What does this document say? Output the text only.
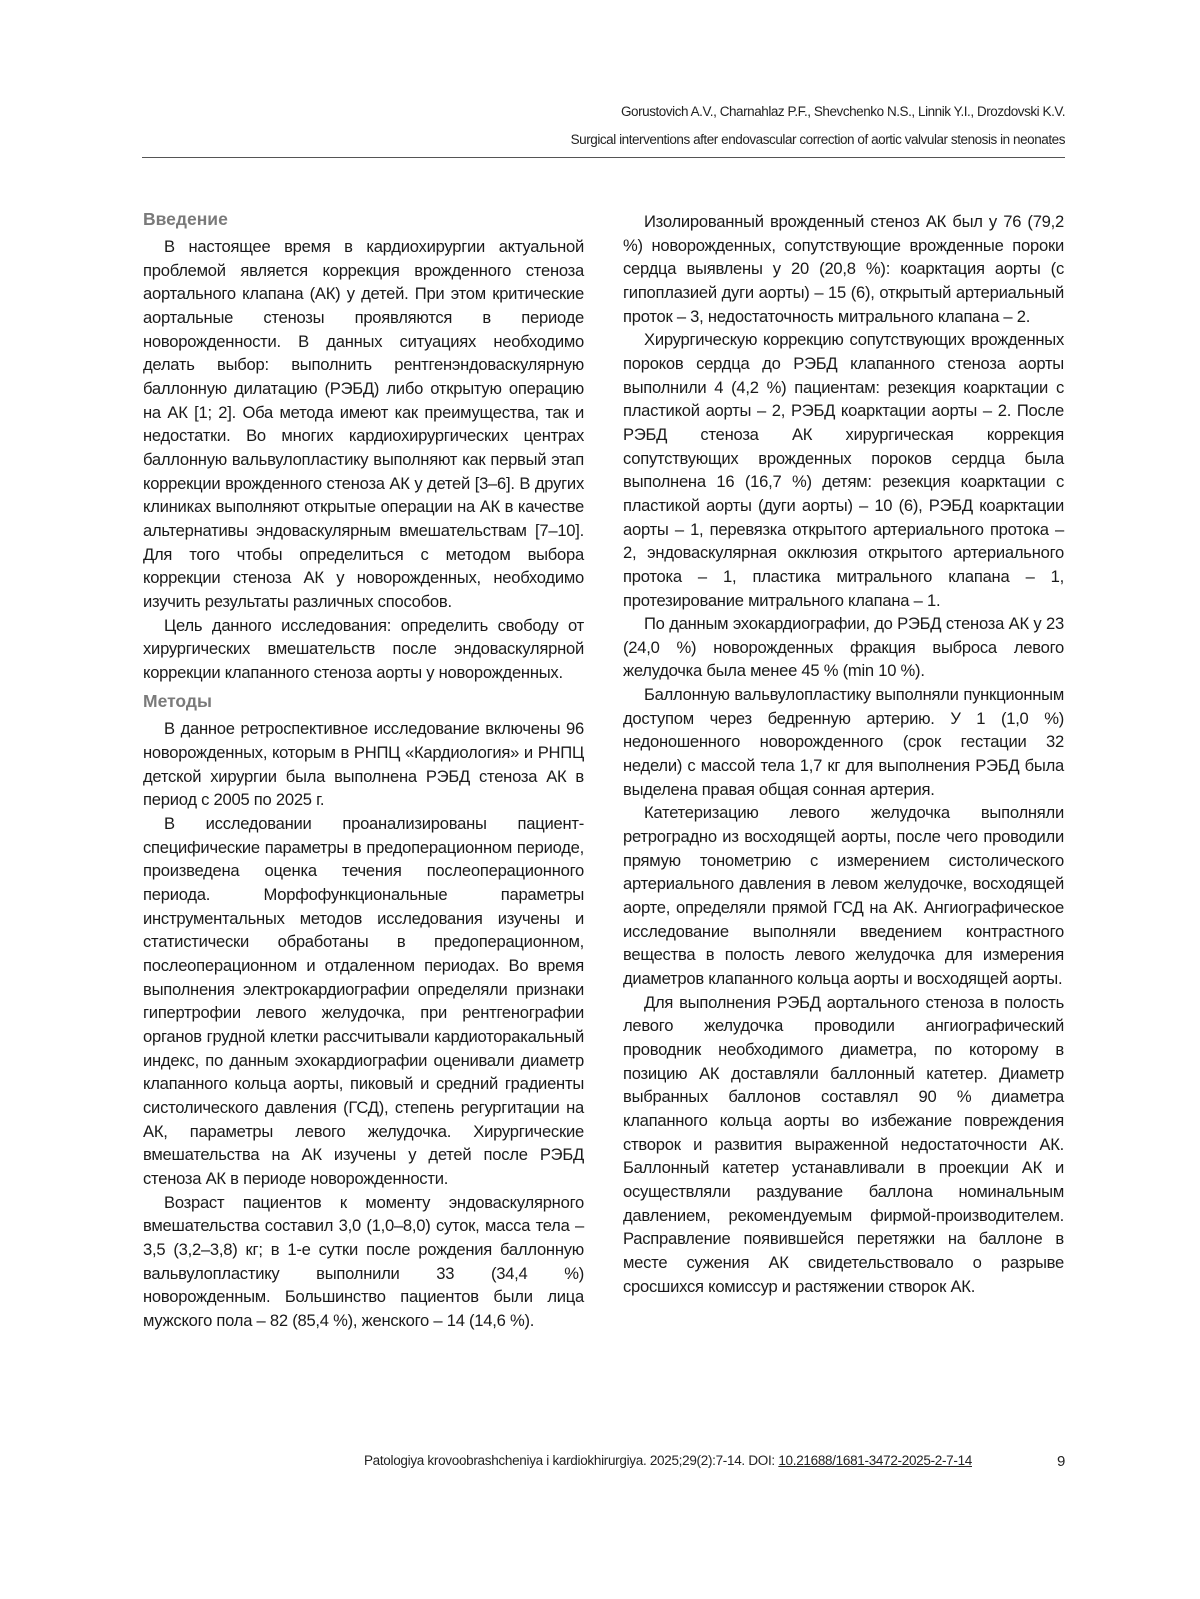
Gorustovich A.V., Charnahlaz P.F., Shevchenko N.S., Linnik Y.I., Drozdovski K.V.
Surgical interventions after endovascular correction of aortic valvular stenosis in neonates
Введение

В настоящее время в кардиохирургии актуальной проблемой является коррекция врожденного стеноза аортального клапана (АК) у детей. При этом критические аортальные стенозы проявляются в периоде новорожденности. В данных ситуациях необходимо делать выбор: выполнить рентгенэндоваскулярную баллонную дилатацию (РЭБД) либо открытую операцию на АК [1; 2]. Оба метода имеют как преимущества, так и недостатки. Во многих кардиохирургических центрах баллонную вальвулопластику выполняют как первый этап коррекции врожденного стеноза АК у детей [3–6]. В других клиниках выполняют открытые операции на АК в качестве альтернативы эндоваскулярным вмешательствам [7–10]. Для того чтобы определиться с методом выбора коррекции стеноза АК у новорожденных, необходимо изучить результаты различных способов.

Цель данного исследования: определить свободу от хирургических вмешательств после эндоваскулярной коррекции клапанного стеноза аорты у новорожденных.

Методы

В данное ретроспективное исследование включены 96 новорожденных, которым в РНПЦ «Кардиология» и РНПЦ детской хирургии была выполнена РЭБД стеноза АК в период с 2005 по 2025 г.

В исследовании проанализированы пациент-специфические параметры в предоперационном периоде, произведена оценка течения послеоперационного периода. Морфофункциональные параметры инструментальных методов исследования изучены и статистически обработаны в предоперационном, послеоперационном и отдаленном периодах. Во время выполнения электрокардиографии определяли признаки гипертрофии левого желудочка, при рентгенографии органов грудной клетки рассчитывали кардиоторакальный индекс, по данным эхокардиографии оценивали диаметр клапанного кольца аорты, пиковый и средний градиенты систолического давления (ГСД), степень регургитации на АК, параметры левого желудочка. Хирургические вмешательства на АК изучены у детей после РЭБД стеноза АК в периоде новорожденности.

Возраст пациентов к моменту эндоваскулярного вмешательства составил 3,0 (1,0–8,0) суток, масса тела – 3,5 (3,2–3,8) кг; в 1-е сутки после рождения баллонную вальвулопластику выполнили 33 (34,4 %) новорожденным. Большинство пациентов были лица мужского пола – 82 (85,4 %), женского – 14 (14,6 %).

Изолированный врожденный стеноз АК был у 76 (79,2 %) новорожденных, сопутствующие врожденные пороки сердца выявлены у 20 (20,8 %): коарктация аорты (с гипоплазией дуги аорты) – 15 (6), открытый артериальный проток – 3, недостаточность митрального клапана – 2.

Хирургическую коррекцию сопутствующих врожденных пороков сердца до РЭБД клапанного стеноза аорты выполнили 4 (4,2 %) пациентам: резекция коарктации с пластикой аорты – 2, РЭБД коарктации аорты – 2. После РЭБД стеноза АК хирургическая коррекция сопутствующих врожденных пороков сердца была выполнена 16 (16,7 %) детям: резекция коарктации с пластикой аорты (дуги аорты) – 10 (6), РЭБД коарктации аорты – 1, перевязка открытого артериального протока – 2, эндоваскулярная окклюзия открытого артериального протока – 1, пластика митрального клапана – 1, протезирование митрального клапана – 1.

По данным эхокардиографии, до РЭБД стеноза АК у 23 (24,0 %) новорожденных фракция выброса левого желудочка была менее 45 % (min 10 %).

Баллонную вальвулопластику выполняли пункционным доступом через бедренную артерию. У 1 (1,0 %) недоношенного новорожденного (срок гестации 32 недели) с массой тела 1,7 кг для выполнения РЭБД была выделена правая общая сонная артерия.

Катетеризацию левого желудочка выполняли ретроградно из восходящей аорты, после чего проводили прямую тонометрию с измерением систолического артериального давления в левом желудочке, восходящей аорте, определяли прямой ГСД на АК. Ангиографическое исследование выполняли введением контрастного вещества в полость левого желудочка для измерения диаметров клапанного кольца аорты и восходящей аорты.

Для выполнения РЭБД аортального стеноза в полость левого желудочка проводили ангиографический проводник необходимого диаметра, по которому в позицию АК доставляли баллонный катетер. Диаметр выбранных баллонов составлял 90 % диаметра клапанного кольца аорты во избежание повреждения створок и развития выраженной недостаточности АК. Баллонный катетер устанавливали в проекции АК и осуществляли раздувание баллона номинальным давлением, рекомендуемым фирмой-производителем. Расправление появившейся перетяжки на баллоне в месте сужения АК свидетельствовало о разрыве сросшихся комиссур и растяжении створок АК.

Patologiya krovoobrashcheniya i kardiokhirurgiya. 2025;29(2):7-14. DOI: 10.21688/1681-3472-2025-2-7-14	9
